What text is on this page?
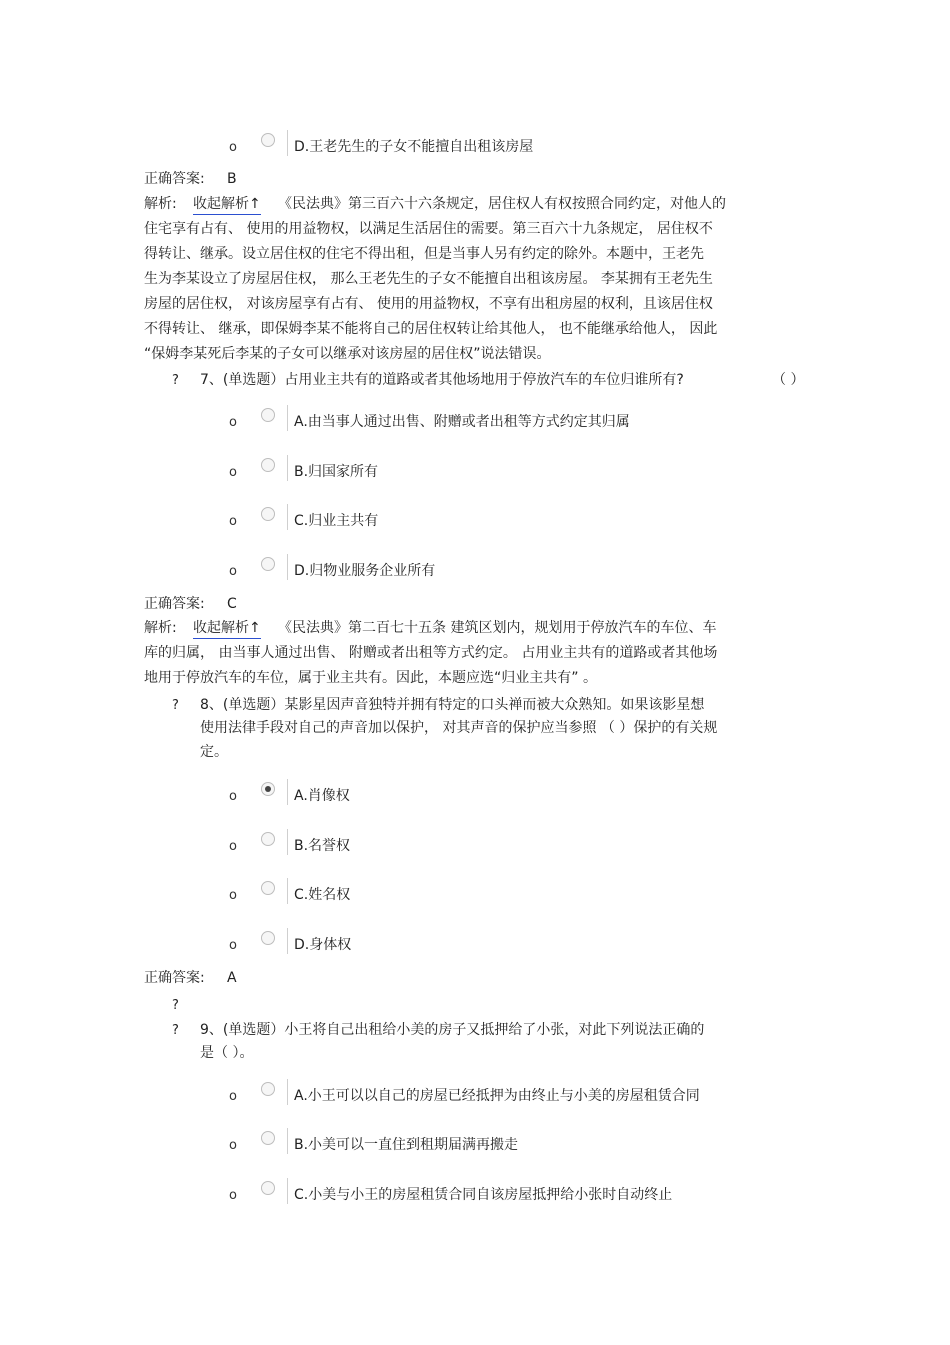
o	D.王老先生的子女不能擅自出租该房屋
正确答案: B
解析: 收起解析↑ 《民法典》第三百六十六条规定，居住权人有权按照合同约定，对他人的
住宅享有占有、 使用的用益物权，以满足生活居住的需要。第三百六十九条规定， 居住权不
得转让、继承。设立居住权的住宅不得出租，但是当事人另有约定的除外。本题中，王老先
生为李某设立了房屋居住权， 那么王老先生的子女不能擅自出租该房屋。 李某拥有王老先生
房屋的居住权， 对该房屋享有占有、 使用的用益物权，不享有出租房屋的权利，且该居住权
不得转让、 继承，即保姆李某不能将自己的居住权转让给其他人， 也不能继承给他人， 因此
“保姆李某死后李某的子女可以继承对该房屋的居住权”说法错误。
? 7、(单选题）占用业主共有的道路或者其他场地用于停放汽车的车位归谁所有?	（ ）
o	A.由当事人通过出售、附赠或者出租等方式约定其归属
o	B.归国家所有
o	C.归业主共有
o	D.归物业服务企业所有
正确答案: C
解析: 收起解析↑ 《民法典》第二百七十五条 建筑区划内，规划用于停放汽车的车位、车
库的归属， 由当事人通过出售、 附赠或者出租等方式约定。 占用业主共有的道路或者其他场
地用于停放汽车的车位，属于业主共有。因此，本题应选“归业主共有” 。
? 8、(单选题）某影星因声音独特并拥有特定的口头禅而被大众熟知。如果该影星想
使用法律手段对自己的声音加以保护， 对其声音的保护应当参照 （ ）保护的有关规
定。
o	A.肖像权
o	B.名誉权
o	C.姓名权
o	D.身体权
正确答案: A
?
? 9、(单选题）小王将自己出租给小美的房子又抵押给了小张，对此下列说法正确的
是（ ）。
o	A.小王可以以自己的房屋已经抵押为由终止与小美的房屋租赁合同
o	B.小美可以一直住到租期届满再搬走
o	C.小美与小王的房屋租赁合同自该房屋抵押给小张时自动终止
